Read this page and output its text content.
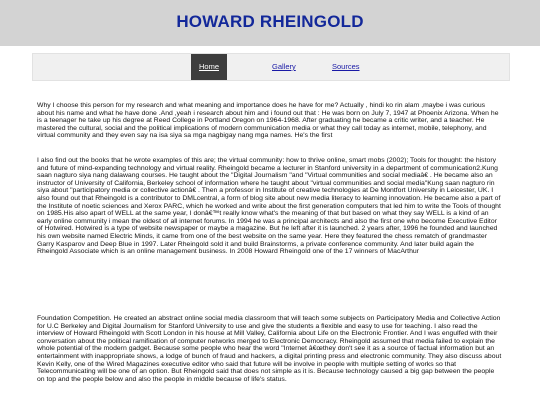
HOWARD RHEINGOLD
Home	Gallery	Sources

Why I choose this person for my research and what meaning and importance does he have for me? Actually , hindi ko rin alam ,maybe i was curious about his name and what he have done .And ,yeah i research about him and i found out that : He was born on July 7, 1947 at Phoenix Arizona. When he is a teenager he take up his degree at Reed College in Portland Oregon on 1964-1968. After graduating he became a critic writer, and a teacher. He mastered the cultural, social and the political implications of modern communication media or what they call today as internet, mobile, telephony, and virtual community and they even say na isa siya sa mga nagbigay nang mga names. He's the first

I also find out the books that he wrote examples of this are; the virtual community: how to thrive online, smart mobs (2002); Tools for thought: the history and future of mind-expanding technology and virtual reality. Rheingold became a lecturer in Stanford university in a department of communication2.Kung saan nagturo siya nang dalawang courses. He taught about the "Digital Journalism "and "Virtual communities and social mediaâ€ . He became also an instructor of University of California, Berkeley school of information where he taught about "virtual communities and social media"Kung saan nagturo rin siya about "participatory media or collective actionâ€ . Then a professor in Institute of creative technologies at De Montfort University in Leicester, UK. I also found out that Rheingold is a contributor to DMLcentral, a form of blog site about new media literacy to learning innovation. He became also a part of the Institute of noetic sciences and Xerox PARC, which he worked and write about the first generation computers that led him to write the Tools of thought on 1985.His also apart of WELL at the same year, I donâ€™t really know what's the meaning of that but based on what they say WELL is a kind of an early online community i mean the oldest of all internet forums. In 1994 he was a principal architects and also the first one who become Executive Editor of Hotwired. Hotwired is a type of website newspaper or maybe a magazine. But he left after it is launched. 2 years after, 1996 he founded and launched his own website named Electric Minds, it came from one of the best website on the same year. Here they featured the chess rematch of grandmaster Garry Kasparov and Deep Blue in 1997. Later Rheingold sold it and build Brainstorms, a private conference community. And later build again the Rheingold Associate which is an online management business. In 2008 Howard Rheingold one of the 17 winners of MacArthur

Foundation Competition. He created an abstract online social media classroom that will teach some subjects on Participatory Media and Collective Action for U.C Berkeley and Digital Journalism for Stanford University to use and give the students a flexible and easy to use for teaching. I also read the interview of Howard Rheingold with Scott London in his house at Mill Valley, California about Life on the Electronic Frontier. And I was engulfed with their conversation about the political ramification of computer networks merged to Electronic Democracy. Rheingold assumed that media failed to explain the whole potential of the modern gadget. Because some people who hear the word "Internet â€œthey don't see it as a source of factual information but an entertainment with inappropriate shows, a lodge of bunch of fraud and hackers, a digital printing press and electronic community. They also discuss about Kevin Kelly, one of the Wired Magazines executive editor who said that future will be involve in people with multiple setting of works so that Telecommunicating will be one of an option. But Rheingold said that does not simple as it is. Because technology caused a big gap between the people on top and the people below and also the people in middle because of life's status.
